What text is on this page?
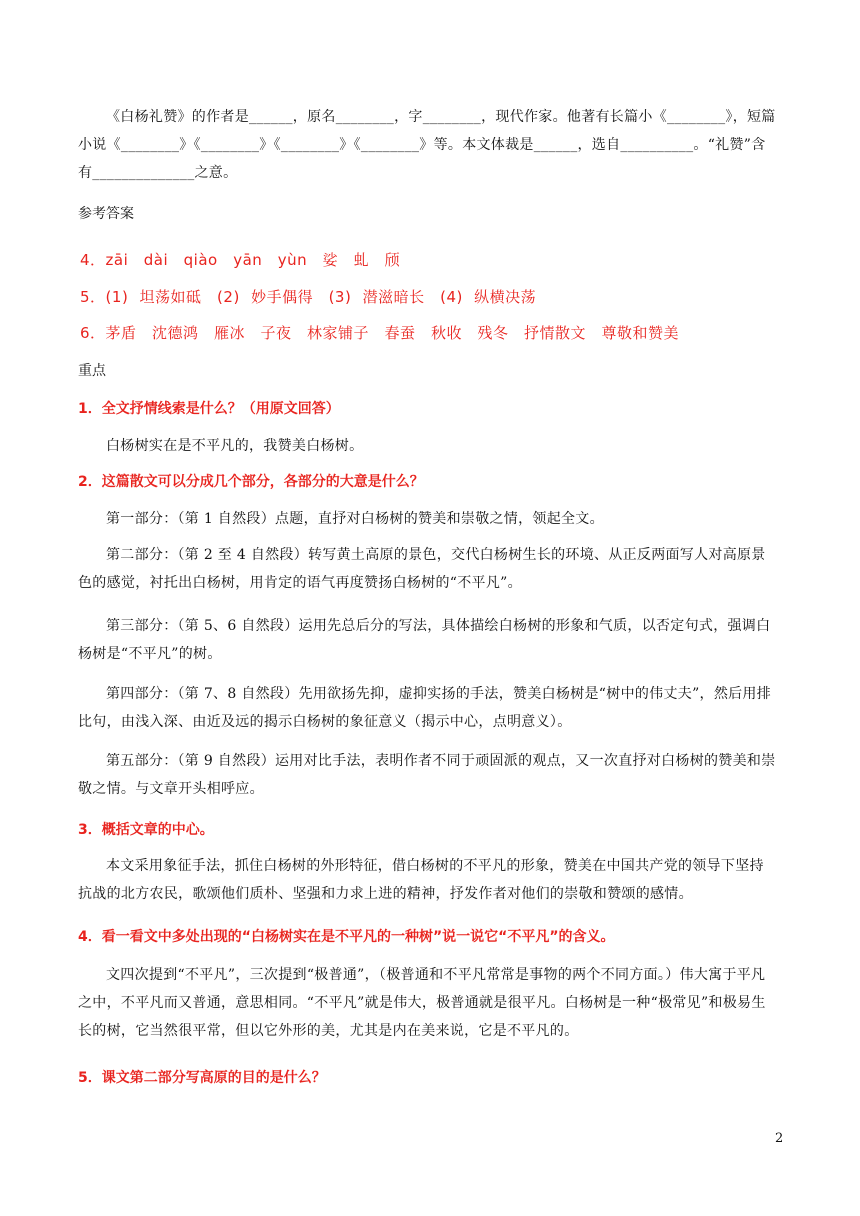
《白杨礼赞》的作者是______，原名________，字________，现代作家。他著有长篇小《________》，短篇小说《________》《________》《________》《________》等。本文体裁是______，选自__________。“礼赞”含有______________之意。
参考答案
4．zāi　dài　qiào　yān　yùn　娑　虬　颀
5．(1) 坦荡如砥　(2) 妙手偶得　(3) 潜滋暗长　(4) 纵横决荡
6．茅盾　沈德鸿　雁冰　子夜　林家铺子　春蚕　秋收　残冬　抒情散文　尊敬和赞美
重点
1．全文抒情线索是什么？（用原文回答）
白杨树实在是不平凡的，我赞美白杨树。
2．这篇散文可以分成几个部分，各部分的大意是什么？
第一部分：（第 1 自然段）点题，直抒对白杨树的赞美和崇敬之情，领起全文。
第二部分：（第 2 至 4 自然段）转写黄土高原的景色，交代白杨树生长的环境、从正反两面写人对高原景色的感觉，衬托出白杨树，用肯定的语气再度赞扬白杨树的“不平凡”。
第三部分：（第 5、6 自然段）运用先总后分的写法，具体描绘白杨树的形象和气质，以否定句式，强调白杨树是“不平凡”的树。
第四部分：（第 7、8 自然段）先用欲扬先抑，虚抑实扬的手法，赞美白杨树是“树中的伟丈夫”，然后用排比句，由浅入深、由近及远的揭示白杨树的象征意义（揭示中心，点明意义）。
第五部分：（第 9 自然段）运用对比手法，表明作者不同于顽固派的观点，又一次直抒对白杨树的赞美和崇敬之情。与文章开头相呼应。
3．概括文章的中心。
本文采用象征手法，抓住白杨树的外形特征，借白杨树的不平凡的形象，赞美在中国共产党的领导下坚持抗战的北方农民，歌颂他们质朴、坚强和力求上进的精神，抒发作者对他们的崇敬和赞颂的感情。
4．看一看文中多处出现的“白杨树实在是不平凡的一种树”说一说它“不平凡”的含义。
文四次提到“不平凡”，三次提到“极普通”，（极普通和不平凡常常是事物的两个不同方面。）伟大寓于平凡之中，不平凡而又普通，意思相同。“不平凡”就是伟大，极普通就是很平凡。白杨树是一种“极常见”和极易生长的树，它当然很平常，但以它外形的美，尤其是内在美来说，它是不平凡的。
5．课文第二部分写高原的目的是什么？
2
